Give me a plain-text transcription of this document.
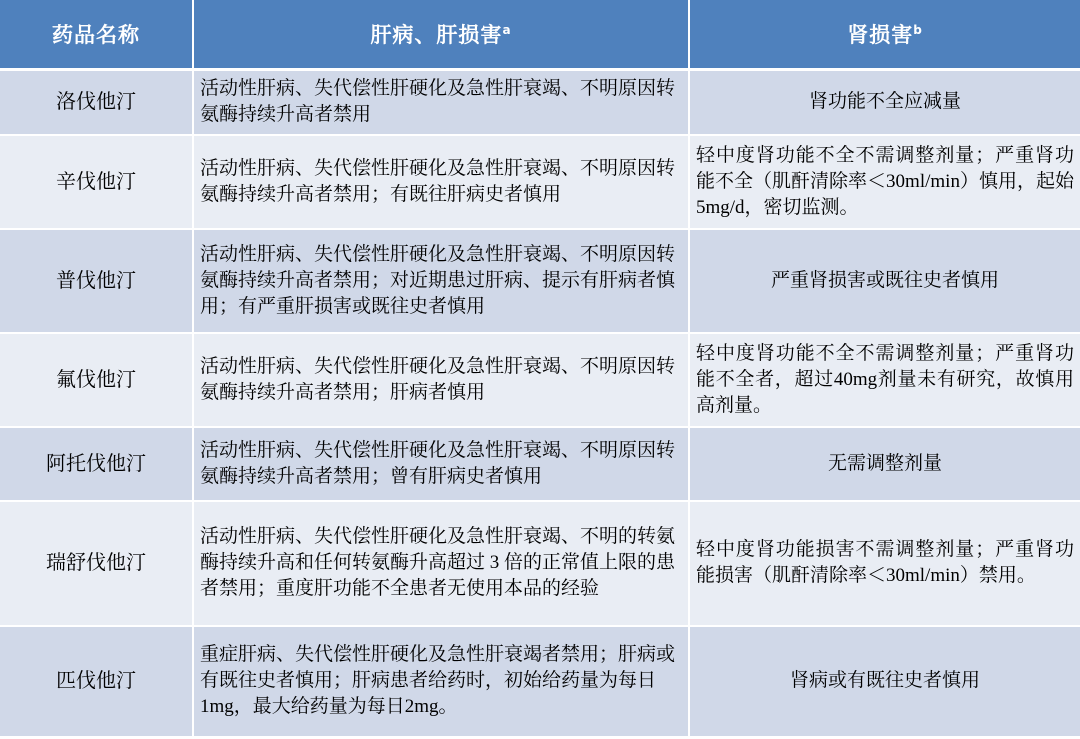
药品名称	肝病、肝损害$^a$	肾损害$^b$
洛伐他汀	活动性肝病、失代偿性肝硬化及急性肝衰竭、不明原因转氨酶持续升高者禁用	肾功能不全应减量
辛伐他汀	活动性肝病、失代偿性肝硬化及急性肝衰竭、不明原因转氨酶持续升高者禁用；有既往肝病史者慎用	轻中度肾功能不全不需调整剂量；严重肾功能不全（肌酐清除率＜30ml/min）慎用，起始5mg/d，密切监测。
普伐他汀	活动性肝病、失代偿性肝硬化及急性肝衰竭、不明原因转氨酶持续升高者禁用；对近期患过肝病、提示有肝病者慎用；有严重肝损害或既往史者慎用	严重肾损害或既往史者慎用
氟伐他汀	活动性肝病、失代偿性肝硬化及急性肝衰竭、不明原因转氨酶持续升高者禁用；肝病者慎用	轻中度肾功能不全不需调整剂量；严重肾功能不全者，超过40mg剂量未有研究，故慎用高剂量。
阿托伐他汀	活动性肝病、失代偿性肝硬化及急性肝衰竭、不明原因转氨酶持续升高者禁用；曾有肝病史者慎用	无需调整剂量
瑞舒伐他汀	活动性肝病、失代偿性肝硬化及急性肝衰竭、不明的转氨酶持续升高和任何转氨酶升高超过 3 倍的正常值上限的患者禁用；重度肝功能不全患者无使用本品的经验	轻中度肾功能损害不需调整剂量；严重肾功能损害（肌酐清除率＜30ml/min）禁用。
匹伐他汀	重症肝病、失代偿性肝硬化及急性肝衰竭者禁用；肝病或有既往史者慎用；肝病患者给药时，初始给药量为每日1mg，最大给药量为每日2mg。	肾病或有既往史者慎用
